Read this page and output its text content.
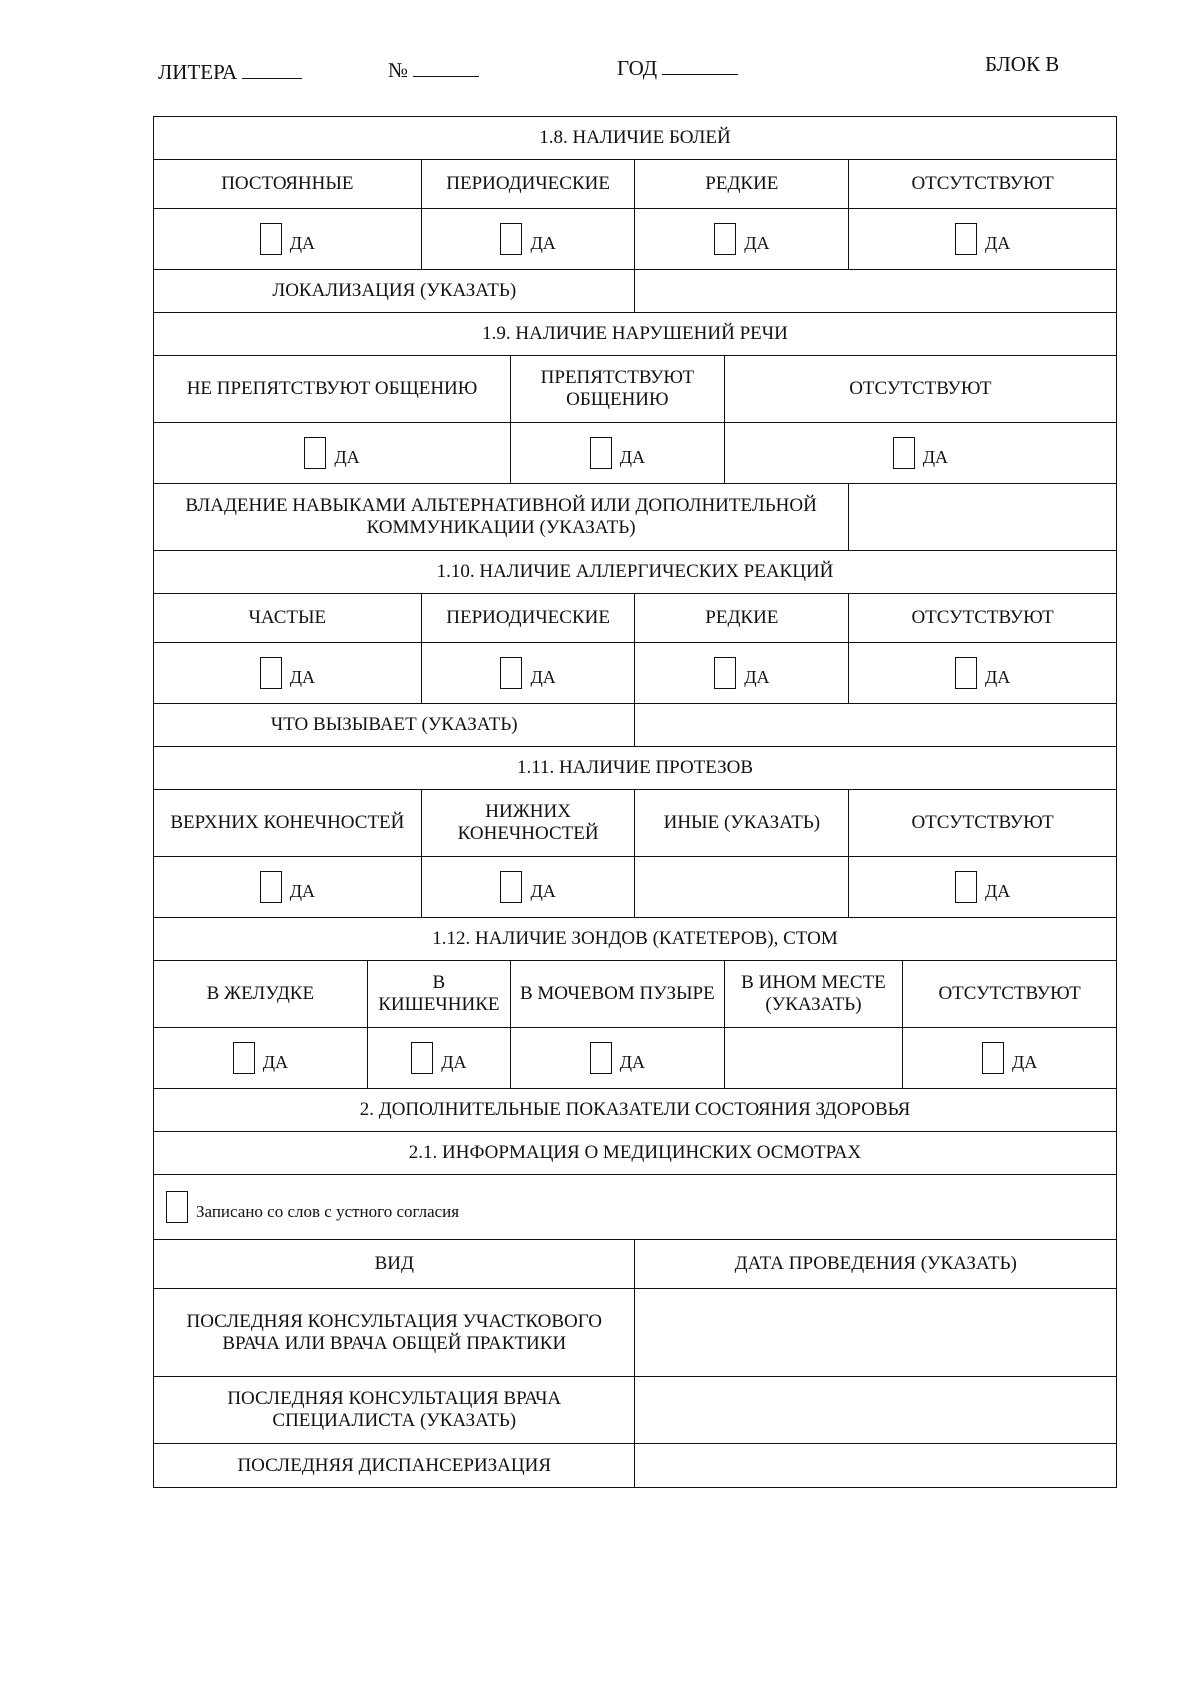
ЛИТЕРА	№	ГОД	БЛОК В
1.8. НАЛИЧИЕ БОЛЕЙ							
ПОСТОЯННЫЕ		ПЕРИОДИЧЕСКИЕ		РЕДКИЕ		ОТСУТСТВУЮТ	
ДА		ДА		ДА		ДА	
ЛОКАЛИЗАЦИЯ (УКАЗАТЬ)							
1.9. НАЛИЧИЕ НАРУШЕНИЙ РЕЧИ							
НЕ ПРЕПЯТСТВУЮТ ОБЩЕНИЮ			ПРЕПЯТСТВУЮТ ОБЩЕНИЮ		ОТСУТСТВУЮТ		
ДА			ДА		ДА		
ВЛАДЕНИЕ НАВЫКАМИ АЛЬТЕРНАТИВНОЙ ИЛИ ДОПОЛНИТЕЛЬНОЙ КОММУНИКАЦИИ (УКАЗАТЬ)							
1.10. НАЛИЧИЕ АЛЛЕРГИЧЕСКИХ РЕАКЦИЙ							
ЧАСТЫЕ		ПЕРИОДИЧЕСКИЕ		РЕДКИЕ		ОТСУТСТВУЮТ	
ДА		ДА		ДА		ДА	
ЧТО ВЫЗЫВАЕТ (УКАЗАТЬ)							
1.11. НАЛИЧИЕ ПРОТЕЗОВ							
ВЕРХНИХ КОНЕЧНОСТЕЙ		НИЖНИХ КОНЕЧНОСТЕЙ		ИНЫЕ (УКАЗАТЬ)		ОТСУТСТВУЮТ	
ДА		ДА				ДА	
1.12. НАЛИЧИЕ ЗОНДОВ (КАТЕТЕРОВ), СТОМ							
В ЖЕЛУДКЕ	В КИШЕЧНИКЕ		В МОЧЕВОМ ПУЗЫРЕ		В ИНОМ МЕСТЕ (УКАЗАТЬ)		ОТСУТСТВУЮТ
ДА	ДА		ДА				ДА
2. ДОПОЛНИТЕЛЬНЫЕ ПОКАЗАТЕЛИ СОСТОЯНИЯ ЗДОРОВЬЯ							
2.1. ИНФОРМАЦИЯ О МЕДИЦИНСКИХ ОСМОТРАХ							
Записано со слов с устного согласия							
ВИД				ДАТА ПРОВЕДЕНИЯ (УКАЗАТЬ)			
ПОСЛЕДНЯЯ КОНСУЛЬТАЦИЯ УЧАСТКОВОГО ВРАЧА ИЛИ ВРАЧА ОБЩЕЙ ПРАКТИКИ							
ПОСЛЕДНЯЯ КОНСУЛЬТАЦИЯ ВРАЧА СПЕЦИАЛИСТА (УКАЗАТЬ)							
ПОСЛЕДНЯЯ ДИСПАНСЕРИЗАЦИЯ							
